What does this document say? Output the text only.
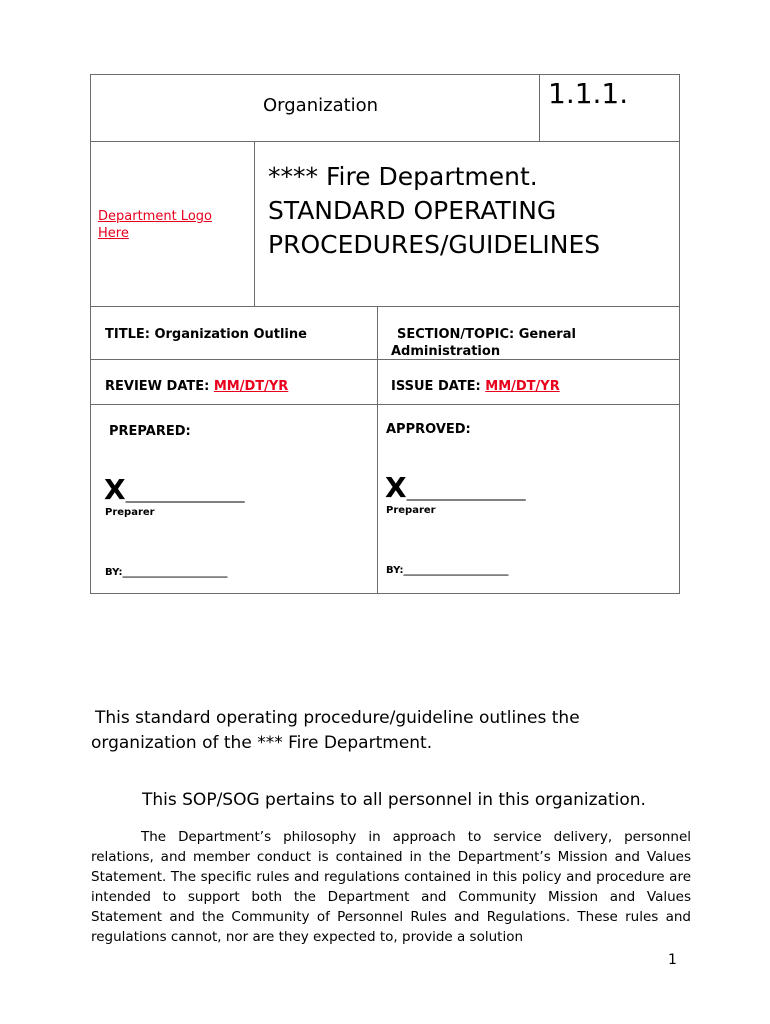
Organization	1.1.1.
Department Logo Here
**** Fire Department.
STANDARD OPERATING
PROCEDURES/GUIDELINES
TITLE: Organization Outline	SECTION/TOPIC: General Administration
REVIEW DATE: MM/DT/YR	ISSUE DATE: MM/DT/YR
PREPARED:
X_________________
Preparer
BY:_____________________
APPROVED:
X_________________
Preparer
BY:_____________________
This standard operating procedure/guideline outlines the organization of the *** Fire Department.
This SOP/SOG pertains to all personnel in this organization.
The Department’s philosophy in approach to service delivery, personnel relations, and member conduct is contained in the Department’s Mission and Values Statement. The specific rules and regulations contained in this policy and procedure are intended to support both the Department and Community Mission and Values Statement and the Community of Personnel Rules and Regulations. These rules and regulations cannot, nor are they expected to, provide a solution
1
